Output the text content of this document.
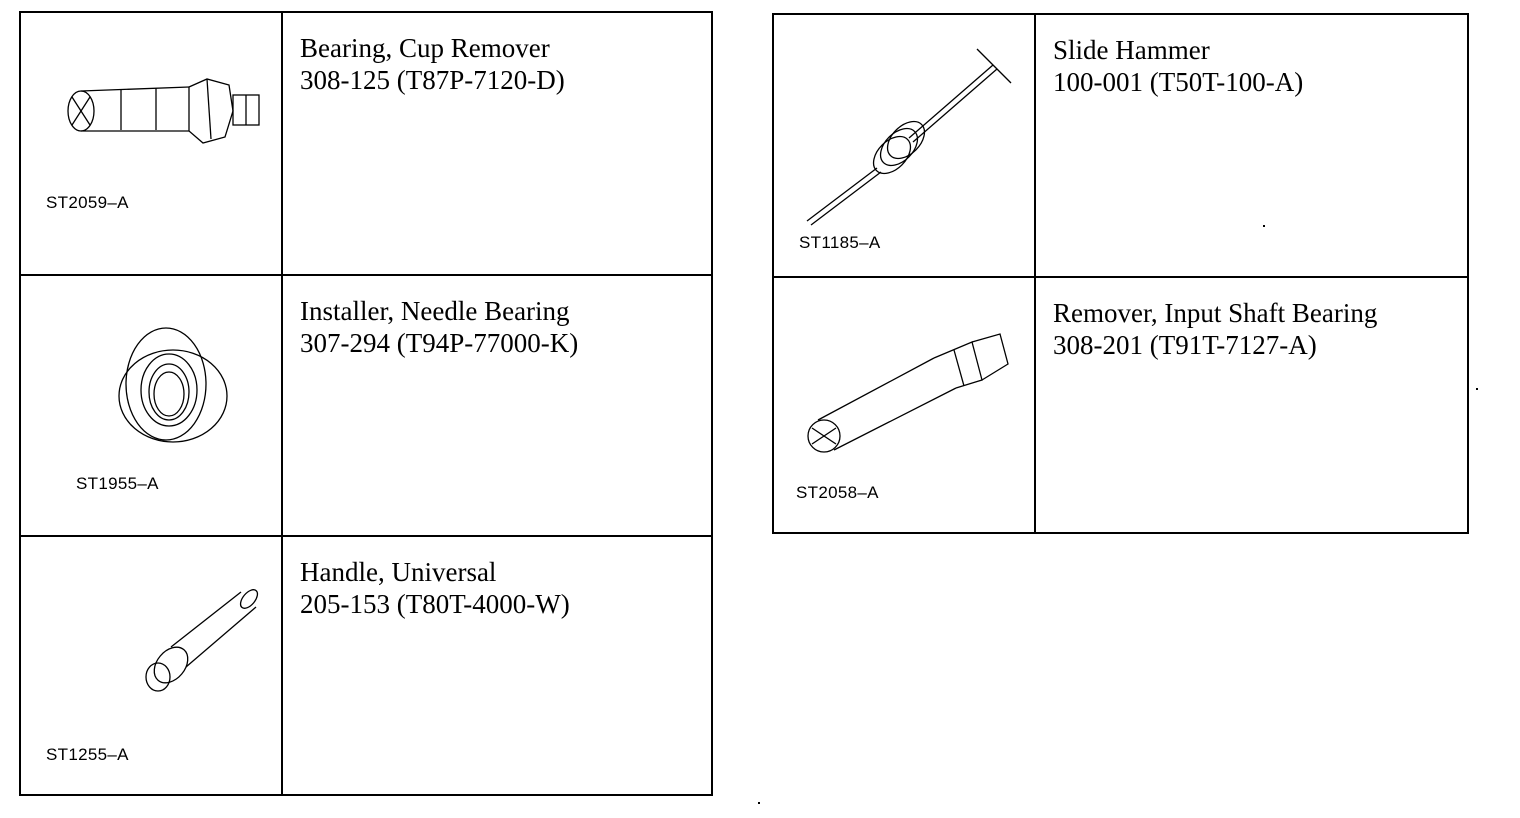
ST2059–A
Bearing, Cup Remover
308-125 (T87P-7120-D)
ST1955–A
Installer, Needle Bearing
307-294 (T94P-77000-K)
ST1255–A
Handle, Universal
205-153 (T80T-4000-W)
ST1185–A
Slide Hammer
100-001 (T50T-100-A)
ST2058–A
Remover, Input Shaft Bearing
308-201 (T91T-7127-A)
